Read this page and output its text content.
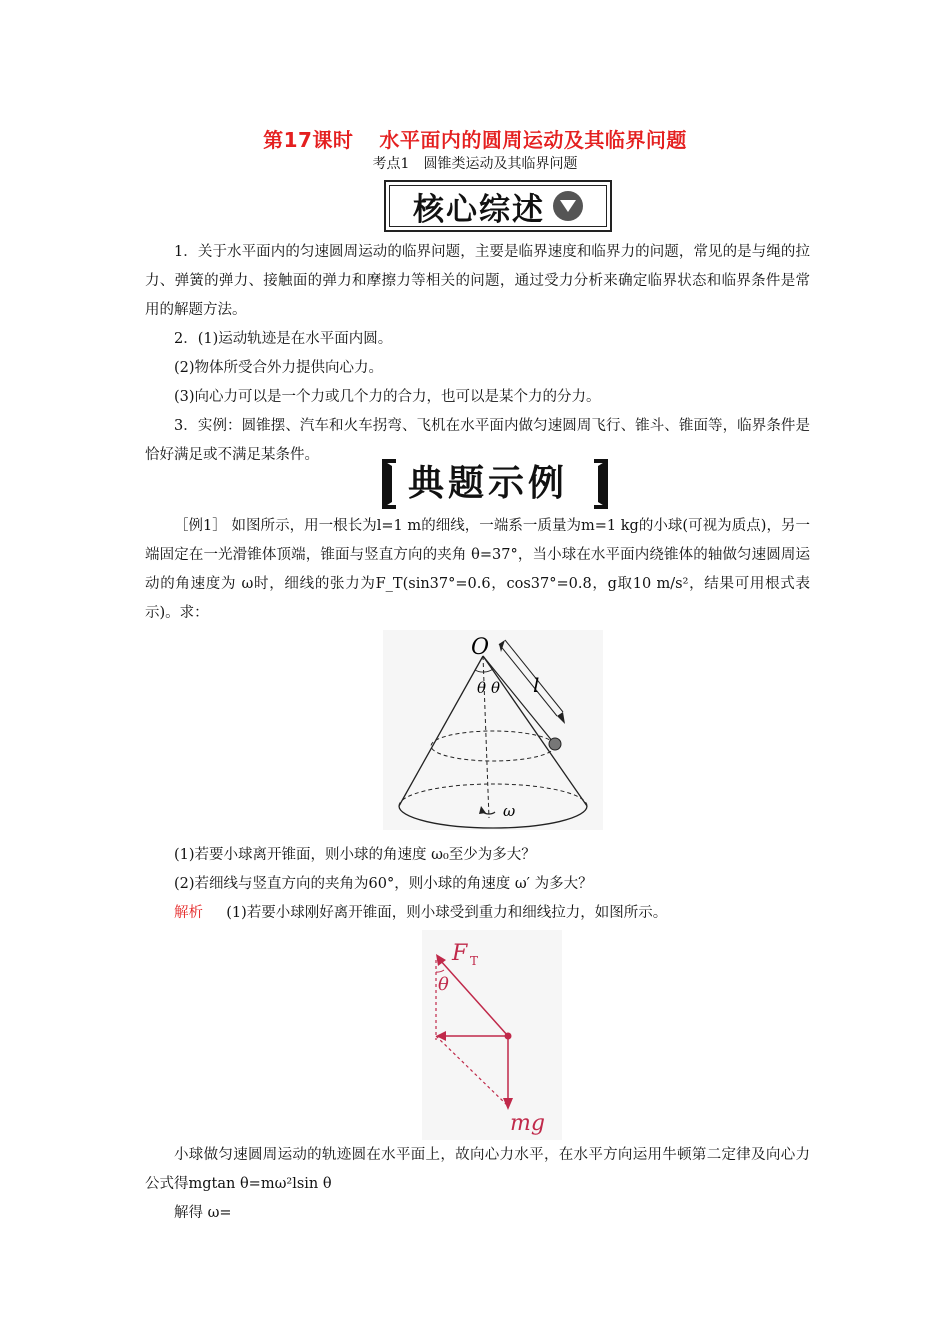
第17课时 水平面内的圆周运动及其临界问题
考点1　圆锥类运动及其临界问题
核心综述
1．关于水平面内的匀速圆周运动的临界问题，主要是临界速度和临界力的问题，常见的是与绳的拉力、弹簧的弹力、接触面的弹力和摩擦力等相关的问题，通过受力分析来确定临界状态和临界条件是常用的解题方法。
2．(1)运动轨迹是在水平面内圆。
(2)物体所受合外力提供向心力。
(3)向心力可以是一个力或几个力的合力，也可以是某个力的分力。
3．实例：圆锥摆、汽车和火车拐弯、飞机在水平面内做匀速圆周飞行、锥斗、锥面等，临界条件是恰好满足或不满足某条件。
典题示例
［例1］ 如图所示，用一根长为l=1 m的细线，一端系一质量为m=1 kg的小球(可视为质点)，另一端固定在一光滑锥体顶端，锥面与竖直方向的夹角 θ=37°，当小球在水平面内绕锥体的轴做匀速圆周运动的角速度为 ω时，细线的张力为F_T(sin37°=0.6，cos37°=0.8，g取10 m/s²，结果可用根式表示)。求：
O
θ θ l
ω
(1)若要小球离开锥面，则小球的角速度 ω₀至少为多大？
(2)若细线与竖直方向的夹角为60°，则小球的角速度 ω′ 为多大？
解析 (1)若要小球刚好离开锥面，则小球受到重力和细线拉力，如图所示。
F T
θ
mg
小球做匀速圆周运动的轨迹圆在水平面上，故向心力水平，在水平方向运用牛顿第二定律及向心力公式得mgtan θ=mω²lsin θ
解得 ω=
